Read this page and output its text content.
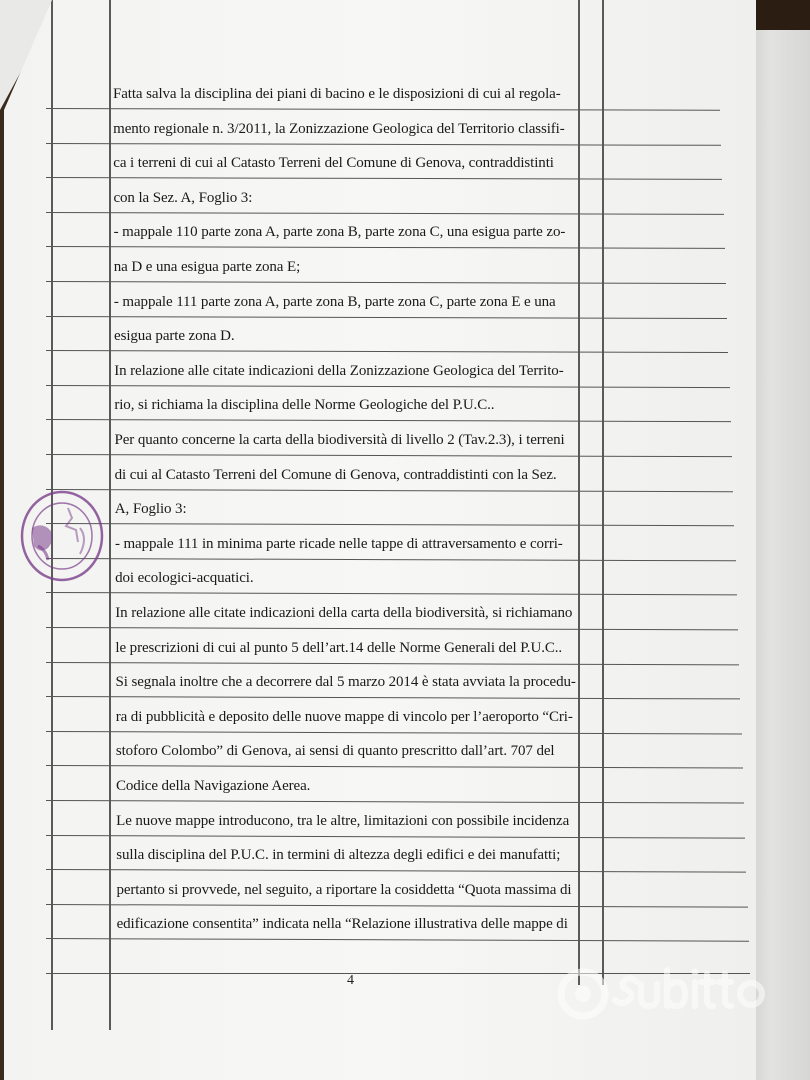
Fatta salva la disciplina dei piani di bacino e le disposizioni di cui al regola-
mento regionale n. 3/2011, la Zonizzazione Geologica del Territorio classifi-
ca i terreni di cui al Catasto Terreni del Comune di Genova, contraddistinti
con la Sez. A, Foglio 3:
- mappale 110 parte zona A, parte zona B, parte zona C, una esigua parte zo-
na D e una esigua parte zona E;
- mappale 111 parte zona A, parte zona B, parte zona C, parte zona E e una
esigua parte zona D.
In relazione alle citate indicazioni della Zonizzazione Geologica del Territo-
rio, si richiama la disciplina delle Norme Geologiche del P.U.C..
Per quanto concerne la carta della biodiversità di livello 2 (Tav.2.3), i terreni
di cui al Catasto Terreni del Comune di Genova, contraddistinti con la Sez.
A, Foglio 3:
- mappale 111 in minima parte ricade nelle tappe di attraversamento e corri-
doi ecologici-acquatici.
In relazione alle citate indicazioni della carta della biodiversità, si richiamano
le prescrizioni di cui al punto 5 dell’art.14 delle Norme Generali del P.U.C..
Si segnala inoltre che a decorrere dal 5 marzo 2014 è stata avviata la procedu-
ra di pubblicità e deposito delle nuove mappe di vincolo per l’aeroporto “Cri-
stoforo Colombo” di Genova, ai sensi di quanto prescritto dall’art. 707 del
Codice della Navigazione Aerea.
Le nuove mappe introducono, tra le altre, limitazioni con possibile incidenza
sulla disciplina del P.U.C. in termini di altezza degli edifici e dei manufatti;
pertanto si provvede, nel seguito, a riportare la cosiddetta “Quota massima di
edificazione consentita” indicata nella “Relazione illustrativa delle mappe di
4
